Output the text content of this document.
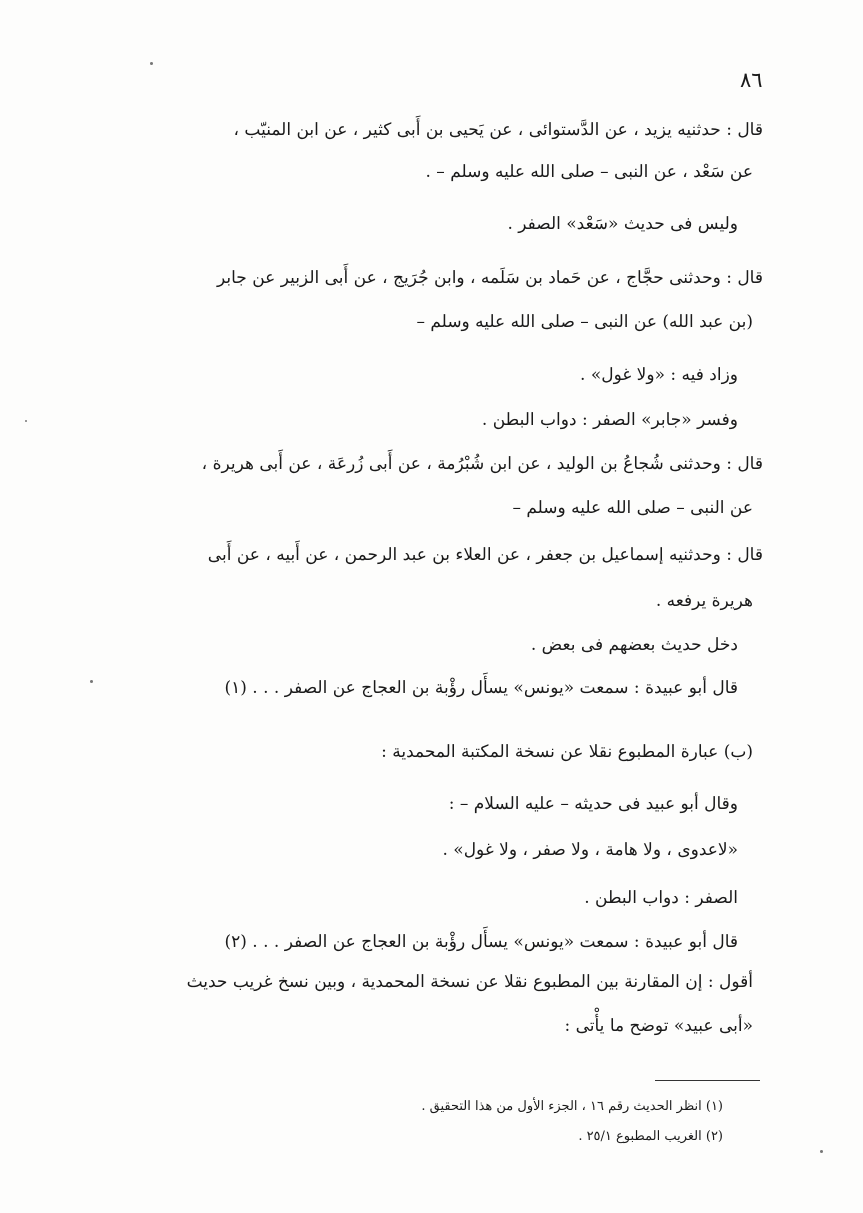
٨٦
قال : حدثنيه يزيد ، عن الدَّستوائى ، عن يَحيى بن أَبى كثير ، عن ابن المنيّب ،
عن سَعْد ، عن النبى – صلى الله عليه وسلم – .
وليس فى حديث «سَعْد» الصفر .
قال : وحدثنى حجَّاج ، عن حَماد بن سَلَمه ، وابن جُرَيج ، عن أَبى الزبير عن جابر
(بن عبد الله) عن النبى – صلى الله عليه وسلم –
وزاد فيه : «ولا غول» .
وفسر «جابر» الصفر : دواب البطن .
قال : وحدثنى شُجاعُ بن الوليد ، عن ابن شُبْرُمة ، عن أَبى زُرعَة ، عن أَبى هريرة ،
عن النبى – صلى الله عليه وسلم –
قال : وحدثنيه إسماعيل بن جعفر ، عن العلاء بن عبد الرحمن ، عن أَبيه ، عن أَبى
هريرة يرفعه .
دخل حديث بعضهم فى بعض .
قال أبو عبيدة : سمعت «يونس» يسأَل رؤْبة بن العجاج عن الصفر . . . (١)
(ب) عبارة المطبوع نقلا عن نسخة المكتبة المحمدية :
وقال أبو عبيد فى حديثه – عليه السلام – :
«لاعدوى ، ولا هامة ، ولا صفر ، ولا غول» .
الصفر : دواب البطن .
قال أبو عبيدة : سمعت «يونس» يسأَل رؤْبة بن العجاج عن الصفر . . . (٢)
أقول : إن المقارنة بين المطبوع نقلا عن نسخة المحمدية ، وبين نسخ غريب حديث
«أبى عبيد» توضح ما يأْتى :
(١) انظر الحديث رقم ١٦ ، الجزء الأول من هذا التحقيق .
(٢) الغريب المطبوع ٢٥/١ .
